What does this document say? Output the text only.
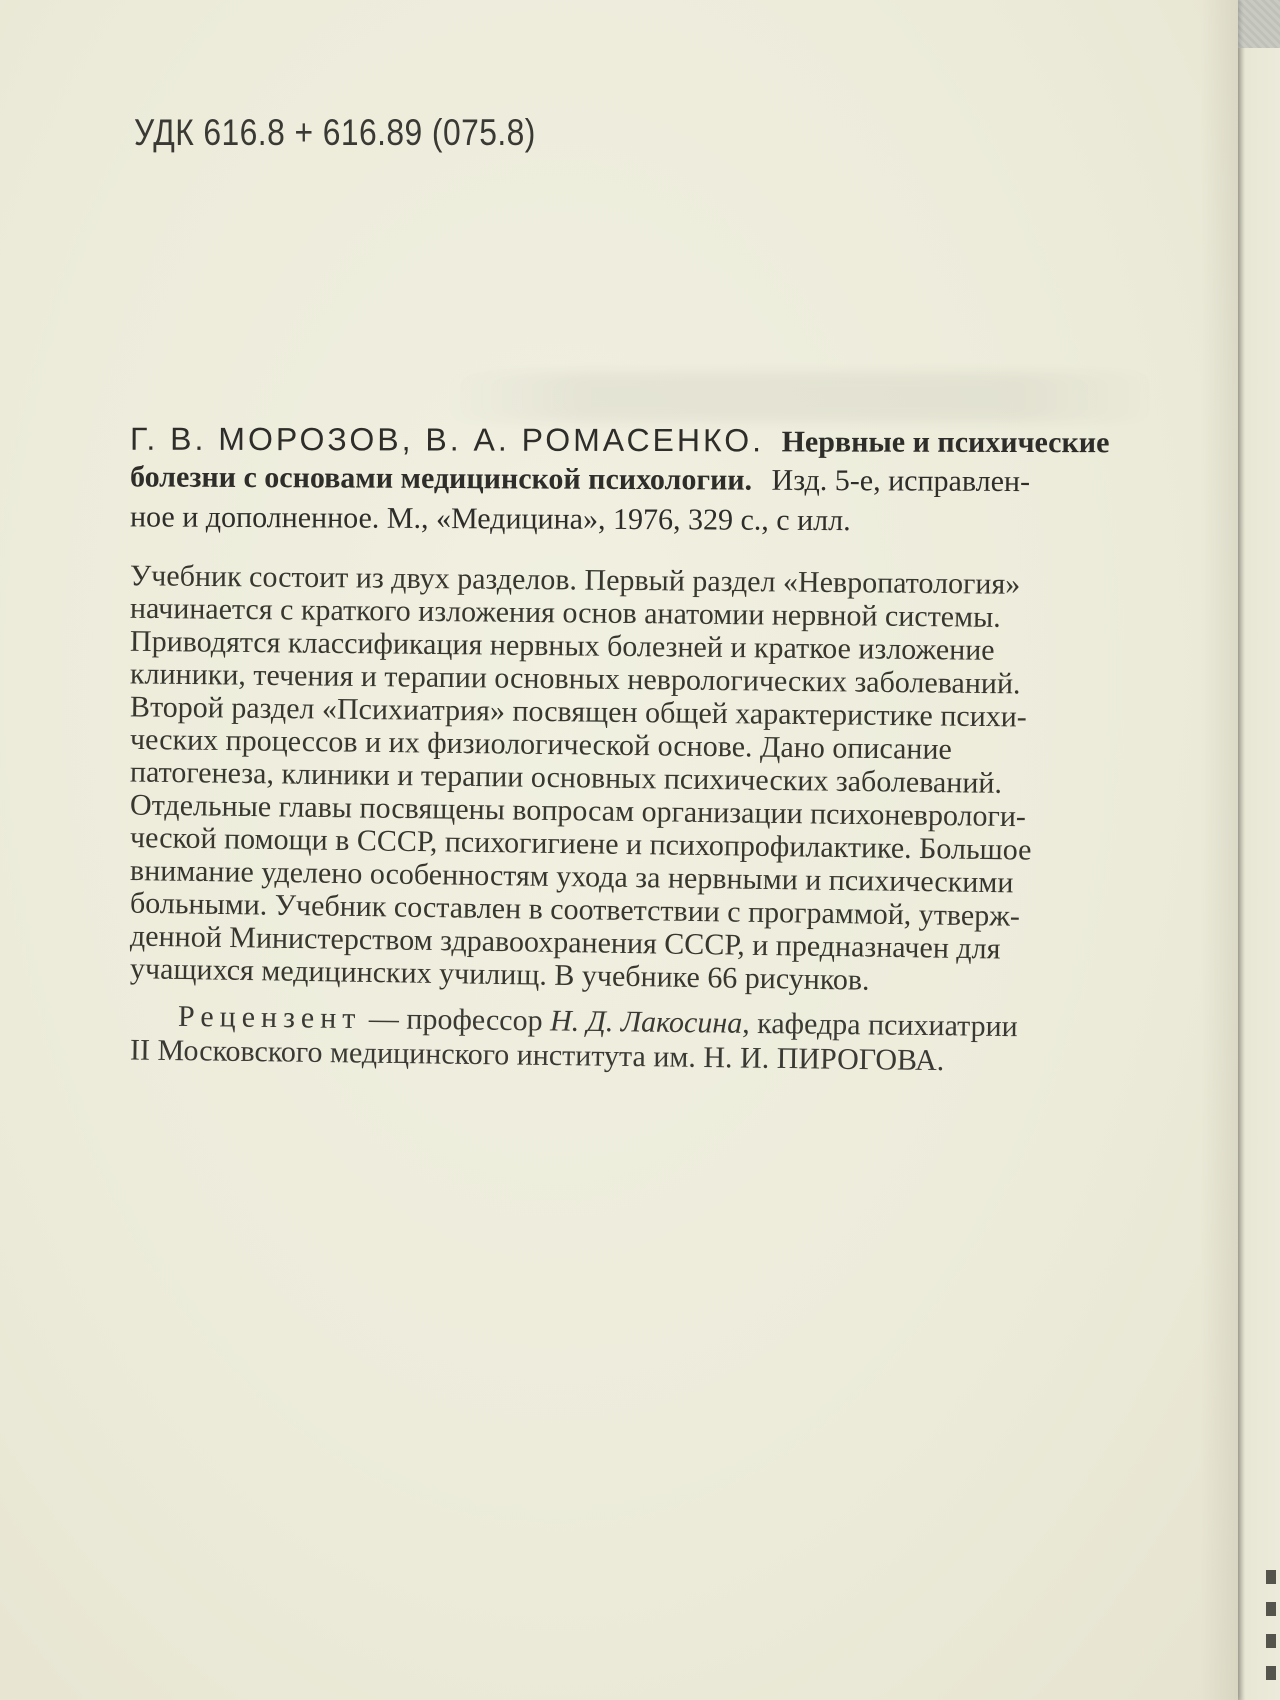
УДК 616.8 + 616.89 (075.8)
Г. В. МОРОЗОВ, В. А. РОМАСЕНКО. Нервные и психические
болезни с основами медицинской психологии. Изд. 5-е, исправлен-
ное и дополненное. М., «Медицина», 1976, 329 с., с илл.
Учебник состоит из двух разделов. Первый раздел «Невропатология»
начинается с краткого изложения основ анатомии нервной системы.
Приводятся классификация нервных болезней и краткое изложение
клиники, течения и терапии основных неврологических заболеваний.
Второй раздел «Психиатрия» посвящен общей характеристике психи-
ческих процессов и их физиологической основе. Дано описание
патогенеза, клиники и терапии основных психических заболеваний.
Отдельные главы посвящены вопросам организации психоневрологи-
ческой помощи в СССР, психогигиене и психопрофилактике. Большое
внимание уделено особенностям ухода за нервными и психическими
больными. Учебник составлен в соответствии с программой, утверж-
денной Министерством здравоохранения СССР, и предназначен для
учащихся медицинских училищ. В учебнике 66 рисунков.
Рецензент — профессор Н. Д. Лакосина, кафедра психиатрии
II Московского медицинского института им. Н. И. ПИРОГОВА.
